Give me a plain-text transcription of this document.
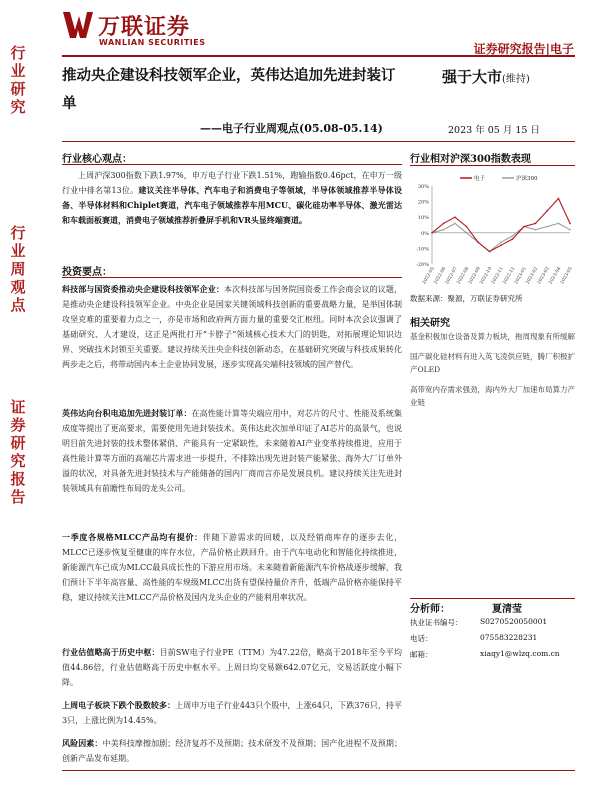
万联证券
WANLIAN SECURITIES	证券研究报告|电子
行
业
研
究
行
业
周
观
点
证
券
研
究
报
告
推动央企建设科技领军企业，英伟达追加先进封装订单
——电子行业周观点(05.08-05.14)
强于大市(维持)
2023 年 05 月 15 日
行业核心观点：
上周沪深300指数下跌1.97%，申万电子行业下跌1.51%，跑输指数0.46pct，在申万一级行业中排名第13位。建议关注半导体、汽车电子和消费电子等领域，半导体领域推荐半导体设备、半导体材料和Chiplet赛道，汽车电子领域推荐车用MCU、碳化硅功率半导体、激光雷达和车载面板赛道，消费电子领域推荐折叠屏手机和VR头显终端赛道。
投资要点：
科技部与国资委推动央企建设科技领军企业：本次科技部与国务院国资委工作会商会议的议题，是推动央企建设科技领军企业。中央企业是国家关键领域科技创新的重要战略力量，是举国体制攻坚克难的重要着力点之一，亦是市场和政府两方面力量的重要交汇枢纽。同时本次会议强调了基础研究、人才建设，这正是两批打开“卡脖子”领域核心技术大门的钥匙，对拓展理论知识边界、突破技术封锁至关重要。建议持续关注央企科技创新动态，在基础研究突破与科技成果转化两步走之后，将带动国内本土企业协同发展，逐步实现高尖端科技领域的国产替代。
英伟达向台积电追加先进封装订单：在高性能计算等尖端应用中，对芯片的尺寸、性能及系统集成度等提出了更高要求，需要使用先进封装技术。英伟达此次加单印证了AI芯片的高景气，也说明目前先进封装的技术整体紧俏、产能具有一定紧缺性，未来随着AI产业变革持续推进，应用于高性能计算等方面的高端芯片需求进一步提升，不排除出现先进封装产能紧张、海外大厂订单外溢的状况，对具备先进封装技术与产能储备的国内厂商而言亦是发展良机。建议持续关注先进封装领域具有前瞻性布局的龙头公司。
一季度各规格MLCC产品均有提价：伴随下游需求的回暖，以及经销商库存的逐步去化，MLCC已逐步恢复至健康的库存水位，产品价格止跌回升。由于汽车电动化和智能化持续推进，新能源汽车已成为MLCC最具成长性的下游应用市场。未来随着新能源汽车价格战逐步缓解，我们预计下半年高容量、高性能的车规级MLCC出货有望保持量价齐升，低端产品价格亦能保持平稳，建议持续关注MLCC产品价格及国内龙头企业的产能利用率状况。
行业估值略高于历史中枢：目前SW电子行业PE（TTM）为47.22倍，略高于2018年至今平均值44.86倍，行业估值略高于历史中枢水平。上周日均交易额642.07亿元，交易活跃度小幅下降。
上周电子板块下跌个股数较多：上周申万电子行业443只个股中，上涨64只，下跌376只，持平3只，上涨比例为14.45%。
风险因素：中美科技摩擦加剧；经济复苏不及预期；技术研发不及预期；国产化进程不及预期；创新产品发布延期。
行业相对沪深300指数表现
-20%
-10%
0%
10%
20%
30%
2022-05
2022-06
2022-07
2022-08
2022-09
2022-10
2022-11
2022-12
2023-01
2023-02
2023-03
2023-04
2023-05
电子	沪深300
数据来源：聚源，万联证券研究所
相关研究
基金积极加仓设备及算力板块，拖周现象有所缓解
国产碳化硅材料有进入英飞凌供应链，腾厂积极扩产OLED
高带宽内存需求强劲，海内外大厂加速布局算力产业链
分析师：	夏清莹
执业证书编号： S0270520050001
电话：	075583228231
邮箱：	xiaqy1@wlzq.com.cn
